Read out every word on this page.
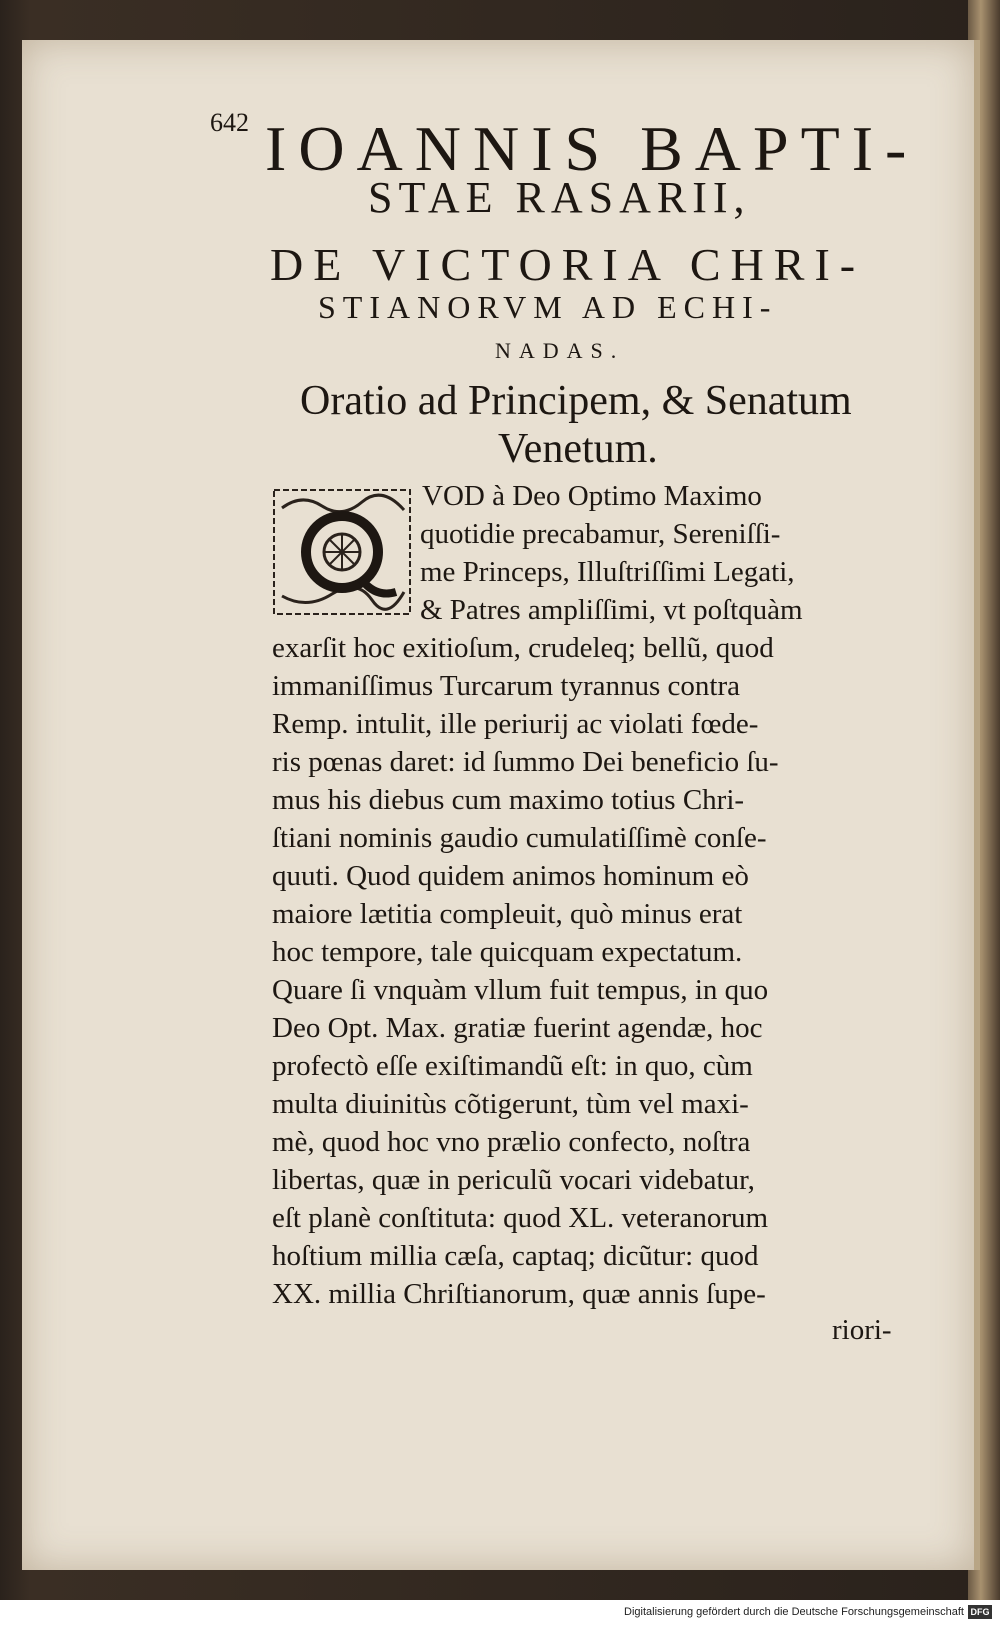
642 IOANNIS BAPTI-
STAE RASARII,
DE VICTORIA CHRI-
STIANORVM AD ECHI-
NADAS.
Oratio ad Principem, & Senatum
Venetum.
Q
VOD à Deo Optimo Maximo
quotidie precabamur, Sereniſſi-
me Princeps, Illuſtriſſimi Legati,
& Patres ampliſſimi, vt poſtquàm
exarſit hoc exitioſum, crudeleq; bellũ, quod
immaniſſimus Turcarum tyrannus contra
Remp. intulit, ille periurij ac violati fœde-
ris pœnas daret: id ſummo Dei beneficio ſu-
mus his diebus cum maximo totius Chri-
ſtiani nominis gaudio cumulatiſſimè conſe-
quuti. Quod quidem animos hominum eò
maiore lætitia compleuit, quò minus erat
hoc tempore, tale quicquam expectatum.
Quare ſi vnquàm vllum fuit tempus, in quo
Deo Opt. Max. gratiæ fuerint agendæ, hoc
profectò eſſe exiſtimandũ eſt: in quo, cùm
multa diuinitùs cõtigerunt, tùm vel maxi-
mè, quod hoc vno prælio confecto, noſtra
libertas, quæ in periculũ vocari videbatur,
eſt planè conſtituta: quod XL. veteranorum
hoſtium millia cæſa, captaq; dicũtur: quod
XX. millia Chriſtianorum, quæ annis ſupe-
riori-
Digitalisierung gefördert durch die Deutsche Forschungsgemeinschaft DFG
